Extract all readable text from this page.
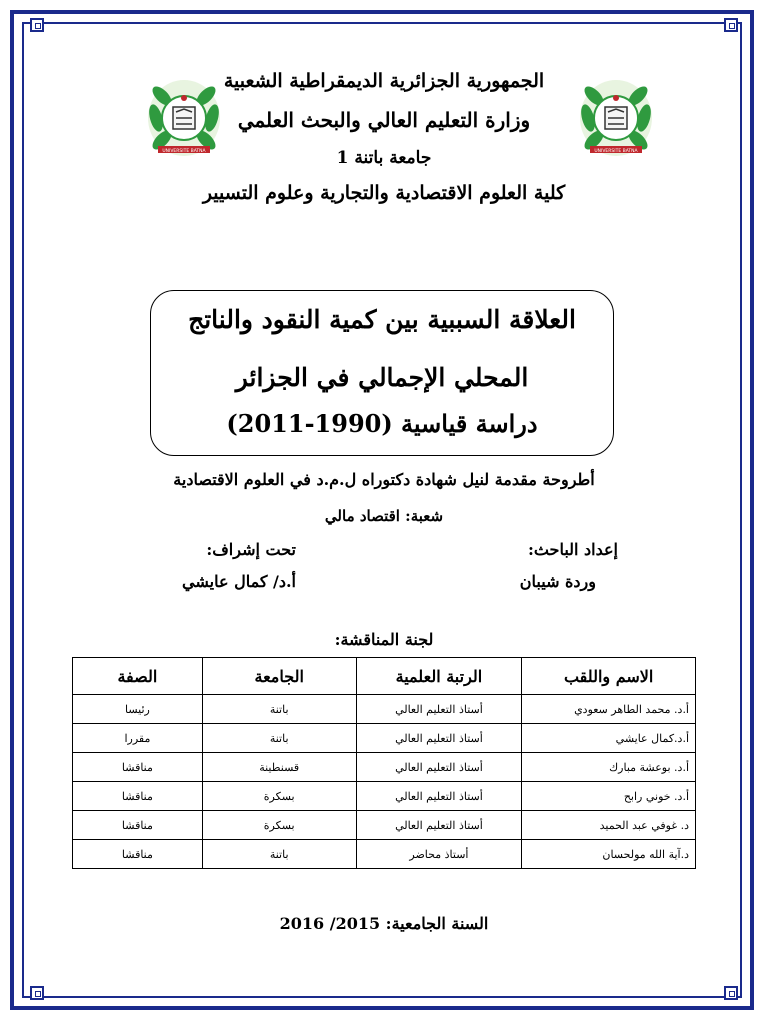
الجمهورية الجزائرية الديمقراطية الشعبية
وزارة التعليم العالي والبحث العلمي
جامعة باتنة 1
كلية العلوم الاقتصادية والتجارية وعلوم التسيير
UNIVERSITE BATNA	UNIVERSITE BATNA
العلاقة السببية بين كمية النقود والناتج
المحلي الإجمالي في الجزائر
دراسة قياسية (1990-2011)
أطروحة مقدمة لنيل شهادة دكتوراه ل.م.د في العلوم الاقتصادية
شعبة: اقتصاد مالي
إعداد الباحث:
وردة شيبان
تحت إشراف:
أ.د/ كمال عايشي
لجنة المناقشة:
الاسم واللقب	الرتبة العلمية	الجامعة	الصفة
أ.د. محمد الطاهر سعودي	أستاذ التعليم العالي	باتنة	رئيسا
أ.د.كمال عايشي	أستاذ التعليم العالي	باتنة	مقررا
أ.د. بوعشة مبارك	أستاذ التعليم العالي	قسنطينة	مناقشا
أ.د. خوني رابح	أستاذ التعليم العالي	بسكرة	مناقشا
د. غوفي عبد الحميد	أستاذ التعليم العالي	بسكرة	مناقشا
د.آية الله مولحسان	أستاذ محاضر	باتنة	مناقشا
السنة الجامعية: 2015/ 2016
